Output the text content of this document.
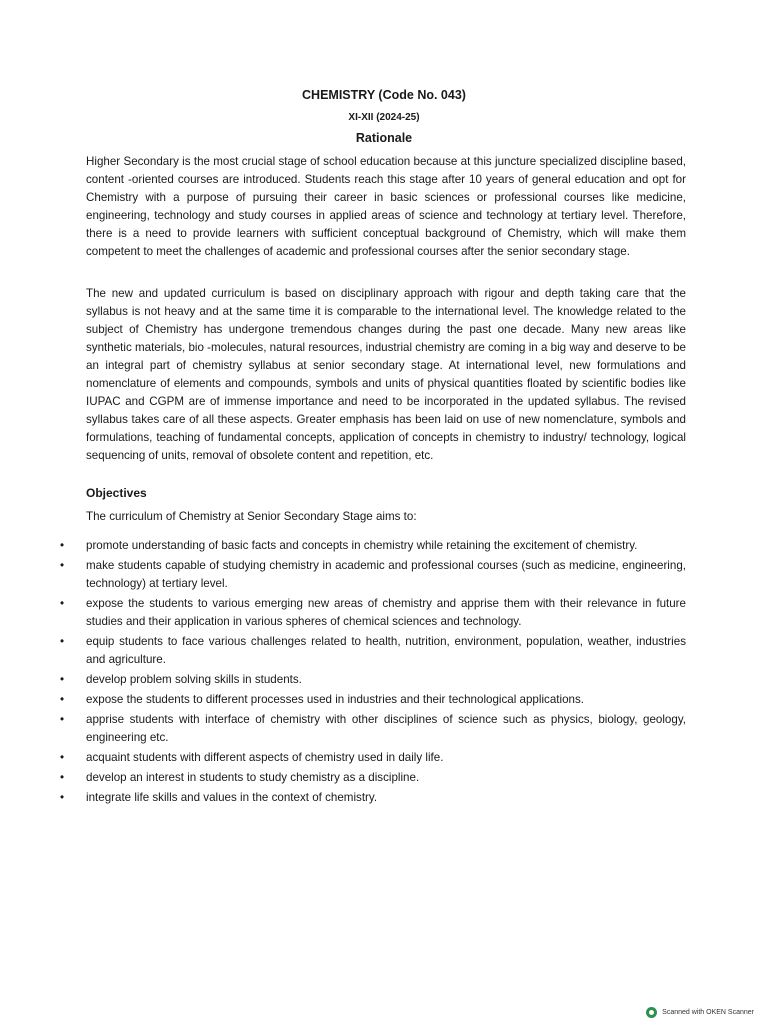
CHEMISTRY (Code No. 043)
XI-XII (2024-25)
Rationale

Higher Secondary is the most crucial stage of school education because at this juncture specialized discipline based, content -oriented courses are introduced. Students reach this stage after 10 years of general education and opt for Chemistry with a purpose of pursuing their career in basic sciences or professional courses like medicine, engineering, technology and study courses in applied areas of science and technology at tertiary level. Therefore, there is a need to provide learners with sufficient conceptual background of Chemistry, which will make them competent to meet the challenges of academic and professional courses after the senior secondary stage.

The new and updated curriculum is based on disciplinary approach with rigour and depth taking care that the syllabus is not heavy and at the same time it is comparable to the international level. The knowledge related to the subject of Chemistry has undergone tremendous changes during the past one decade. Many new areas like synthetic materials, bio -molecules, natural resources, industrial chemistry are coming in a big way and deserve to be an integral part of chemistry syllabus at senior secondary stage. At international level, new formulations and nomenclature of elements and compounds, symbols and units of physical quantities floated by scientific bodies like IUPAC and CGPM are of immense importance and need to be incorporated in the updated syllabus. The revised syllabus takes care of all these aspects. Greater emphasis has been laid on use of new nomenclature, symbols and formulations, teaching of fundamental concepts, application of concepts in chemistry to industry/ technology, logical sequencing of units, removal of obsolete content and repetition, etc.

Objectives
The curriculum of Chemistry at Senior Secondary Stage aims to:
•	promote understanding of basic facts and concepts in chemistry while retaining the excitement of chemistry.
•	make students capable of studying chemistry in academic and professional courses (such as medicine, engineering, technology) at tertiary level.
•	expose the students to various emerging new areas of chemistry and apprise them with their relevance in future studies and their application in various spheres of chemical sciences and technology.
•	equip students to face various challenges related to health, nutrition, environment, population, weather, industries and agriculture.
•	develop problem solving skills in students.
•	expose the students to different processes used in industries and their technological applications.
•	apprise students with interface of chemistry with other disciplines of science such as physics, biology, geology, engineering etc.
•	acquaint students with different aspects of chemistry used in daily life.
•	develop an interest in students to study chemistry as a discipline.
•	integrate life skills and values in the context of chemistry.
Scanned with OKEN Scanner
